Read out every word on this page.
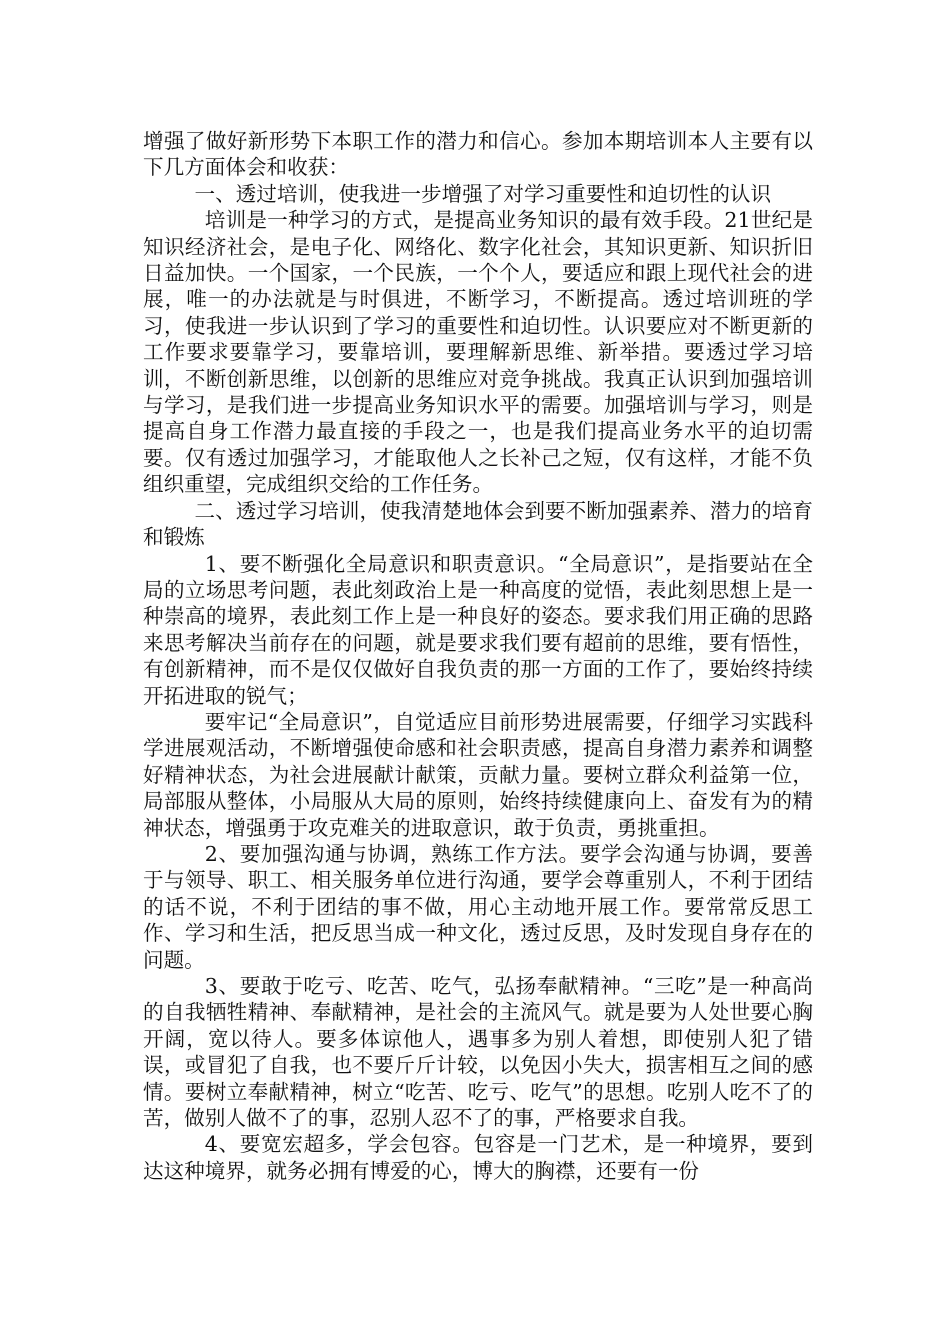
增强了做好新形势下本职工作的潜力和信心。参加本期培训本人主要有以下几方面体会和收获：

一、透过培训，使我进一步增强了对学习重要性和迫切性的认识

培训是一种学习的方式，是提高业务知识的最有效手段。21世纪是知识经济社会，是电子化、网络化、数字化社会，其知识更新、知识折旧日益加快。一个国家，一个民族，一个个人，要适应和跟上现代社会的进展，唯一的办法就是与时俱进，不断学习，不断提高。透过培训班的学习，使我进一步认识到了学习的重要性和迫切性。认识要应对不断更新的工作要求要靠学习，要靠培训，要理解新思维、新举措。要透过学习培训，不断创新思维，以创新的思维应对竞争挑战。我真正认识到加强培训与学习，是我们进一步提高业务知识水平的需要。加强培训与学习，则是提高自身工作潜力最直接的手段之一，也是我们提高业务水平的迫切需要。仅有透过加强学习，才能取他人之长补己之短，仅有这样，才能不负组织重望，完成组织交给的工作任务。

二、透过学习培训，使我清楚地体会到要不断加强素养、潜力的培育和锻炼

1、要不断强化全局意识和职责意识。“全局意识”，是指要站在全局的立场思考问题，表此刻政治上是一种高度的觉悟，表此刻思想上是一种崇高的境界，表此刻工作上是一种良好的姿态。要求我们用正确的思路来思考解决当前存在的问题，就是要求我们要有超前的思维，要有悟性，有创新精神，而不是仅仅做好自我负责的那一方面的工作了，要始终持续开拓进取的锐气；

要牢记“全局意识”，自觉适应目前形势进展需要，仔细学习实践科学进展观活动，不断增强使命感和社会职责感，提高自身潜力素养和调整好精神状态，为社会进展献计献策，贡献力量。要树立群众利益第一位，局部服从整体，小局服从大局的原则，始终持续健康向上、奋发有为的精神状态，增强勇于攻克难关的进取意识，敢于负责，勇挑重担。

2、要加强沟通与协调，熟练工作方法。要学会沟通与协调，要善于与领导、职工、相关服务单位进行沟通，要学会尊重别人，不利于团结的话不说，不利于团结的事不做，用心主动地开展工作。要常常反思工作、学习和生活，把反思当成一种文化，透过反思，及时发现自身存在的问题。

3、要敢于吃亏、吃苦、吃气，弘扬奉献精神。“三吃”是一种高尚的自我牺牲精神、奉献精神，是社会的主流风气。就是要为人处世要心胸开阔，宽以待人。要多体谅他人，遇事多为别人着想，即使别人犯了错误，或冒犯了自我，也不要斤斤计较，以免因小失大，损害相互之间的感情。要树立奉献精神，树立“吃苦、吃亏、吃气”的思想。吃别人吃不了的苦，做别人做不了的事，忍别人忍不了的事，严格要求自我。

4、要宽宏超多，学会包容。包容是一门艺术，是一种境界，要到达这种境界，就务必拥有博爱的心，博大的胸襟，还要有一份
